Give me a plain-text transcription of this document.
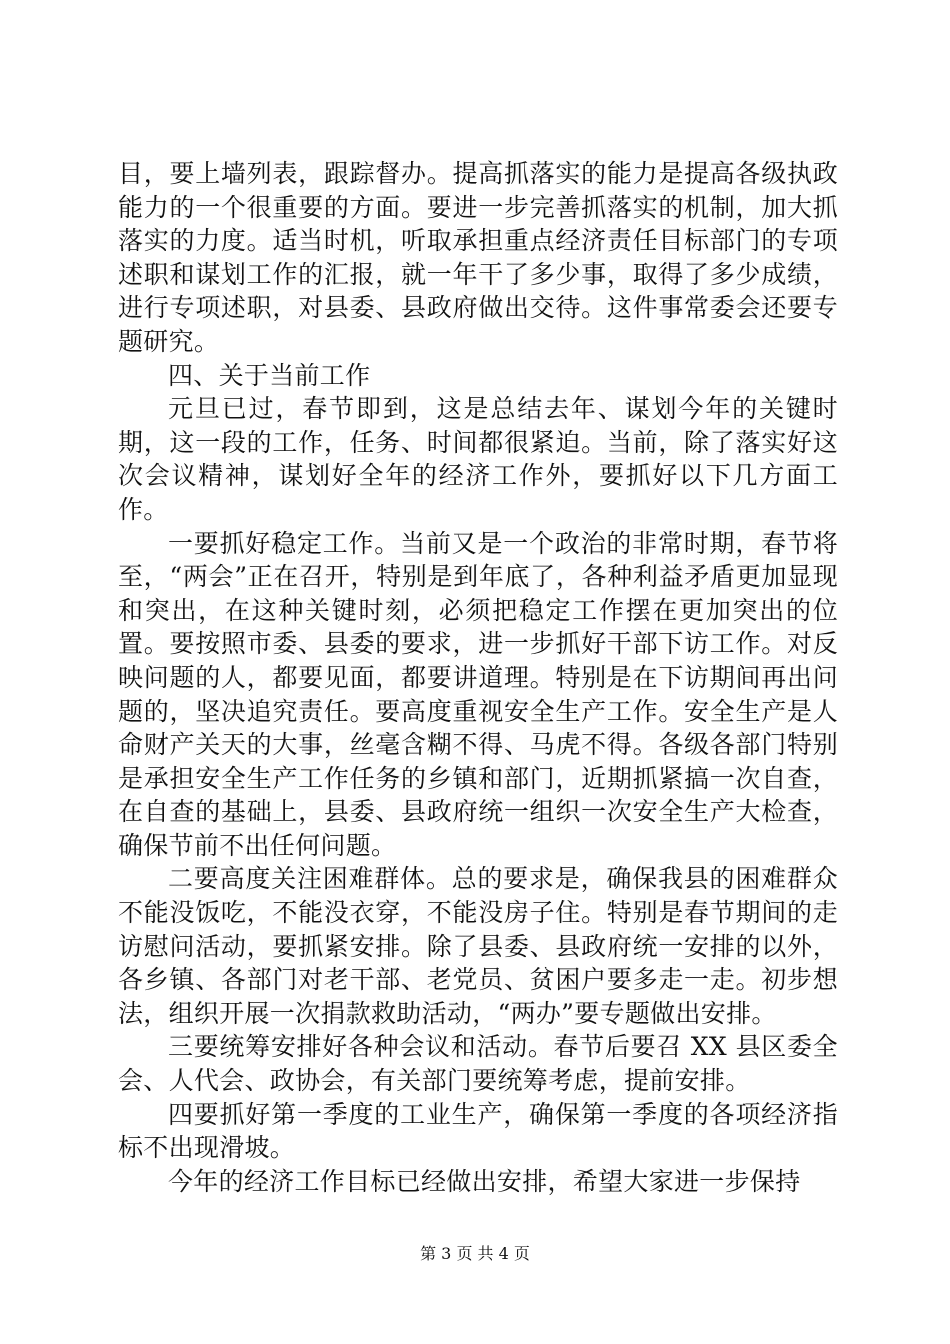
目，要上墙列表，跟踪督办。提高抓落实的能力是提高各级执政能力的一个很重要的方面。要进一步完善抓落实的机制，加大抓落实的力度。适当时机，听取承担重点经济责任目标部门的专项述职和谋划工作的汇报，就一年干了多少事，取得了多少成绩，进行专项述职，对县委、县政府做出交待。这件事常委会还要专题研究。

四、关于当前工作

元旦已过，春节即到，这是总结去年、谋划今年的关键时期，这一段的工作，任务、时间都很紧迫。当前，除了落实好这次会议精神，谋划好全年的经济工作外，要抓好以下几方面工作。

一要抓好稳定工作。当前又是一个政治的非常时期，春节将至，“两会”正在召开，特别是到年底了，各种利益矛盾更加显现和突出，在这种关键时刻，必须把稳定工作摆在更加突出的位置。要按照市委、县委的要求，进一步抓好干部下访工作。对反映问题的人，都要见面，都要讲道理。特别是在下访期间再出问题的，坚决追究责任。要高度重视安全生产工作。安全生产是人命财产关天的大事，丝毫含糊不得、马虎不得。各级各部门特别是承担安全生产工作任务的乡镇和部门，近期抓紧搞一次自查，在自查的基础上，县委、县政府统一组织一次安全生产大检查，确保节前不出任何问题。

二要高度关注困难群体。总的要求是，确保我县的困难群众不能没饭吃，不能没衣穿，不能没房子住。特别是春节期间的走访慰问活动，要抓紧安排。除了县委、县政府统一安排的以外，各乡镇、各部门对老干部、老党员、贫困户要多走一走。初步想法，组织开展一次捐款救助活动，“两办”要专题做出安排。

三要统筹安排好各种会议和活动。春节后要召 XX 县区委全会、人代会、政协会，有关部门要统筹考虑，提前安排。

四要抓好第一季度的工业生产，确保第一季度的各项经济指标不出现滑坡。

今年的经济工作目标已经做出安排，希望大家进一步保持

第 3 页 共 4 页
